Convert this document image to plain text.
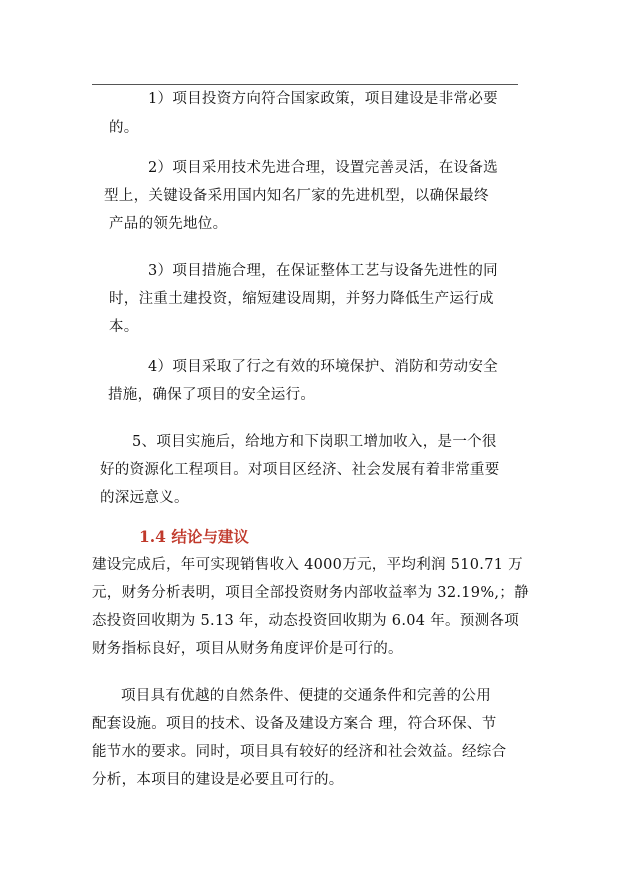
1）项目投资方向符合国家政策，项目建设是非常必要
的。
2）项目采用技术先进合理，设置完善灵活，在设备选
型上，关键设备采用国内知名厂家的先进机型，以确保最终
产品的领先地位。
3）项目措施合理，在保证整体工艺与设备先进性的同
时，注重土建投资，缩短建设周期，并努力降低生产运行成
本。
4）项目采取了行之有效的环境保护、消防和劳动安全
措施，确保了项目的安全运行。
5、项目实施后，给地方和下岗职工增加收入，是一个很
好的资源化工程项目。对项目区经济、社会发展有着非常重要
的深远意义。
1.4 结论与建议
建设完成后，年可实现销售收入 4000万元，平均利润 510.71 万
元，财务分析表明，项目全部投资财务内部收益率为 32.19%,；静
态投资回收期为 5.13 年，动态投资回收期为 6.04 年。预测各项
财务指标良好，项目从财务角度评价是可行的。
项目具有优越的自然条件、便捷的交通条件和完善的公用
配套设施。项目的技术、设备及建设方案合 理，符合环保、节
能节水的要求。同时，项目具有较好的经济和社会效益。经综合
分析，本项目的建设是必要且可行的。
